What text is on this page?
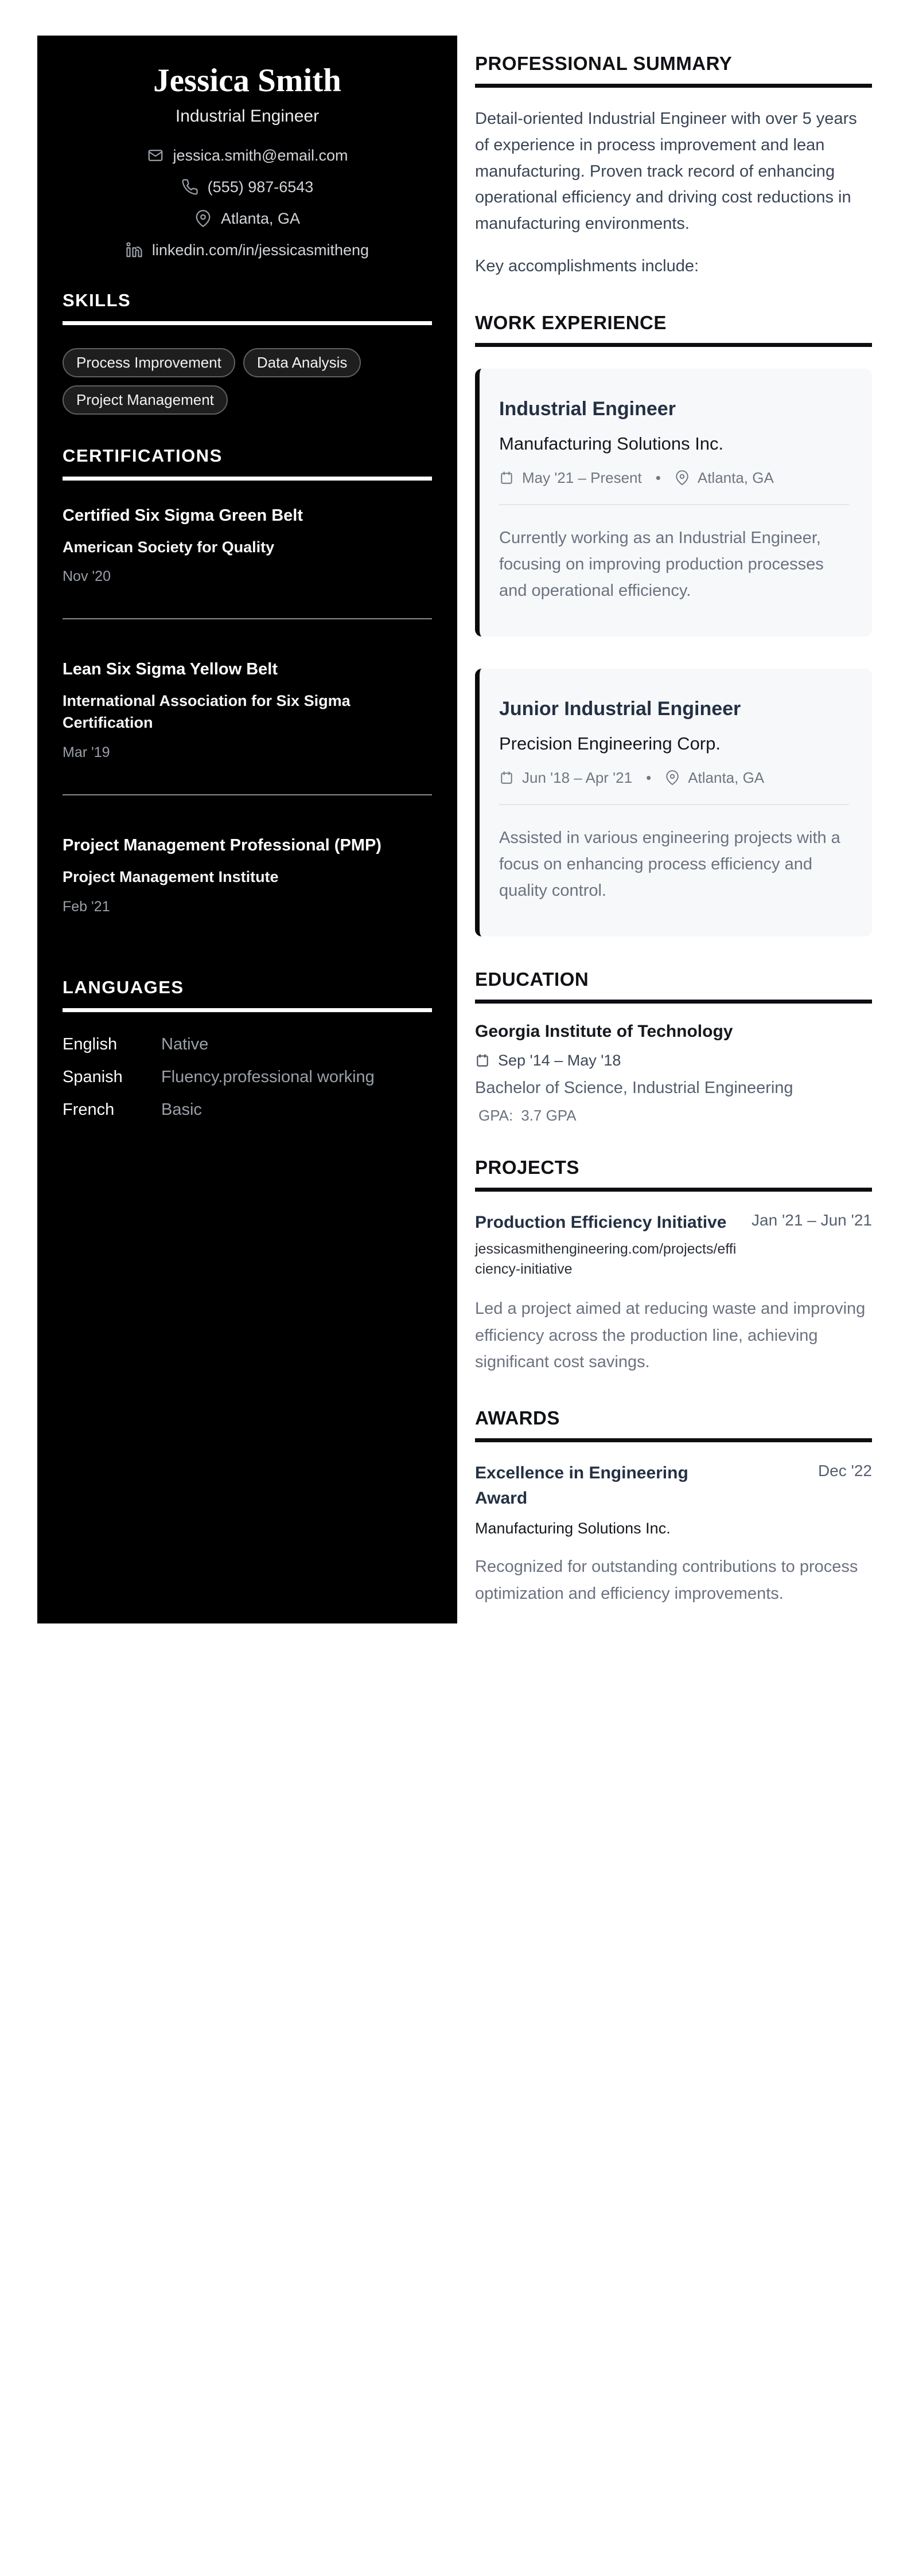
Jessica Smith
Industrial Engineer
jessica.smith@email.com
(555) 987-6543
Atlanta, GA
linkedin.com/in/jessicasmitheng
SKILLS
Process Improvement	Data Analysis
Project Management
CERTIFICATIONS
Certified Six Sigma Green Belt
American Society for Quality
Nov '20
Lean Six Sigma Yellow Belt
International Association for Six Sigma Certification
Mar '19
Project Management Professional (PMP)
Project Management Institute
Feb '21
LANGUAGES
English	Native
Spanish	Fluency.professional working
French	Basic
PROFESSIONAL SUMMARY

Detail-oriented Industrial Engineer with over 5 years of experience in process improvement and lean manufacturing. Proven track record of enhancing operational efficiency and driving cost reductions in manufacturing environments.

Key accomplishments include:

WORK EXPERIENCE
Industrial Engineer
Manufacturing Solutions Inc.
May '21 – Present • Atlanta, GA

Currently working as an Industrial Engineer, focusing on improving production processes and operational efficiency.

Junior Industrial Engineer
Precision Engineering Corp.
Jun '18 – Apr '21 • Atlanta, GA

Assisted in various engineering projects with a focus on enhancing process efficiency and quality control.

EDUCATION
Georgia Institute of Technology
Sep '14 – May '18
Bachelor of Science, Industrial Engineering
GPA: 3.7 GPA
PROJECTS
Production Efficiency Initiative Jan '21 – Jun '21
jessicasmithengineering.com/projects/efficiency-initiative

Led a project aimed at reducing waste and improving efficiency across the production line, achieving significant cost savings.

AWARDS
Excellence in Engineering Award
Dec '22
Manufacturing Solutions Inc.

Recognized for outstanding contributions to process optimization and efficiency improvements.
